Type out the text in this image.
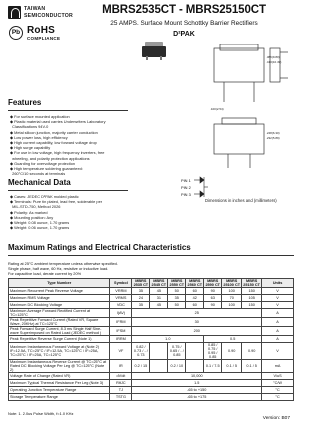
TAIWAN
SEMICONDUCTOR
Pb RoHS
COMPLIANCE
MBRS2535CT - MBRS25150CT
25 AMPS. Surface Mount Schottky Barrier Rectifiers
D²PAK
.386(9.80)
.413(10.49)
.100(2.54)
.248(6.30)
.232(5.89)
PIN 1
PIN 2
PIN 3
Features
◆ For surface mounted application
◆ Plastic material used carries Underwriters Laboratory
Classifications 94V-0
◆ Metal silicon junction, majority carrier conduction
◆ Low power loss, high efficiency
◆ High current capability, low forward voltage drop
◆ High surge capability
◆ For use in low voltage, high frequency inverters, free
wheeling, and polarity protection applications
◆ Guarding for overvoltage protection
◆ High temperature soldering guaranteed:
260°C/10 seconds at terminals
Mechanical Data
◆ Cases: JEDEC D²PAK molded plastic
◆ Terminals: Pure tin plated, lead free, solderable per
MIL-STD-750, Method 2026
◆ Polarity: As marked
◆ Mounting position: Any
◆ Weight: 0.08 ounce, 1.70 grams
◆ Weight: 0.06 ounce, 1.70 grams
Dimensions in inches and (millimeters)
Maximum Ratings and Electrical Characteristics
Rating at 25°C ambient temperature unless otherwise specified.
Single phase, half wave, 60 Hz, resistive or inductive load.
For capacitive load, derate current by 20%
Type Number	Symbol	MBRS 2535 CT	MBRS 2545 CT	MBRS 2550 CT	MBRS 2560 CT	MBRS 2590 CT	MBRS 25100 CT	MBRS 25150 CT	Units
Maximum Recurrent Peak Reverse Voltage	VRRM	35	45	50	60	90	100	150	V
Maximum RMS Voltage	VRMS	24	31	35	42	63	70	105	V
Maximum DC Blocking Voltage	VDC	35	45	50	60	90	100	150	V
Maximum Average Forward Rectified Current at TC=125°C	I(AV)	25							A
Peak Repetitive Forward Current (Rated VR, Square Wave, 20KHz) at TC=125°C	IFRM	30							A
Peak Forward Surge Current, 8.3 ms Single Half Sine-wave Superimposed on Rated Load (JEDEC method )	IFSM	200							A
Peak Repetitive Reverse Surge Current (Note 1)	IRRM	1.0				0.5			A
Maximum Instantaneous Forward Voltage at (Note 2) IF=12.5A, TC=25°C / IF=12.5A, TC=125°C / IF=25A, TC=25°C / IF=25A, TC=125°C	VF	0.82 / 0.73 / - / 0.73		0.75 / 0.65 / - / 0.85		0.85 / 0.75 / 0.95 / 0.85	0.90	0.90	V
Maximum Instantaneous Reverse Current @ TC=25°C at Rated DC Blocking Voltage Per Leg @ TC=125°C (Note 2)	IR	0.2 / 15		0.2 / 10		0.1 / 7.5	0.1 / 5	0.1 / 5	mA
Voltage Rate of Change (Rated VR)	dV/dt	10,000							V/uS
Maximum Typical Thermal Resistance Per Leg (Note 3)	RθJC	1.5							°C/W
Operating Junction Temperature Range	TJ	-65 to +150							°C
Storage Temperature Range	TSTG	-65 to +175							°C
Note: 1. 2.0us Pulse Width, f=1.0 KHz
Version: B07
